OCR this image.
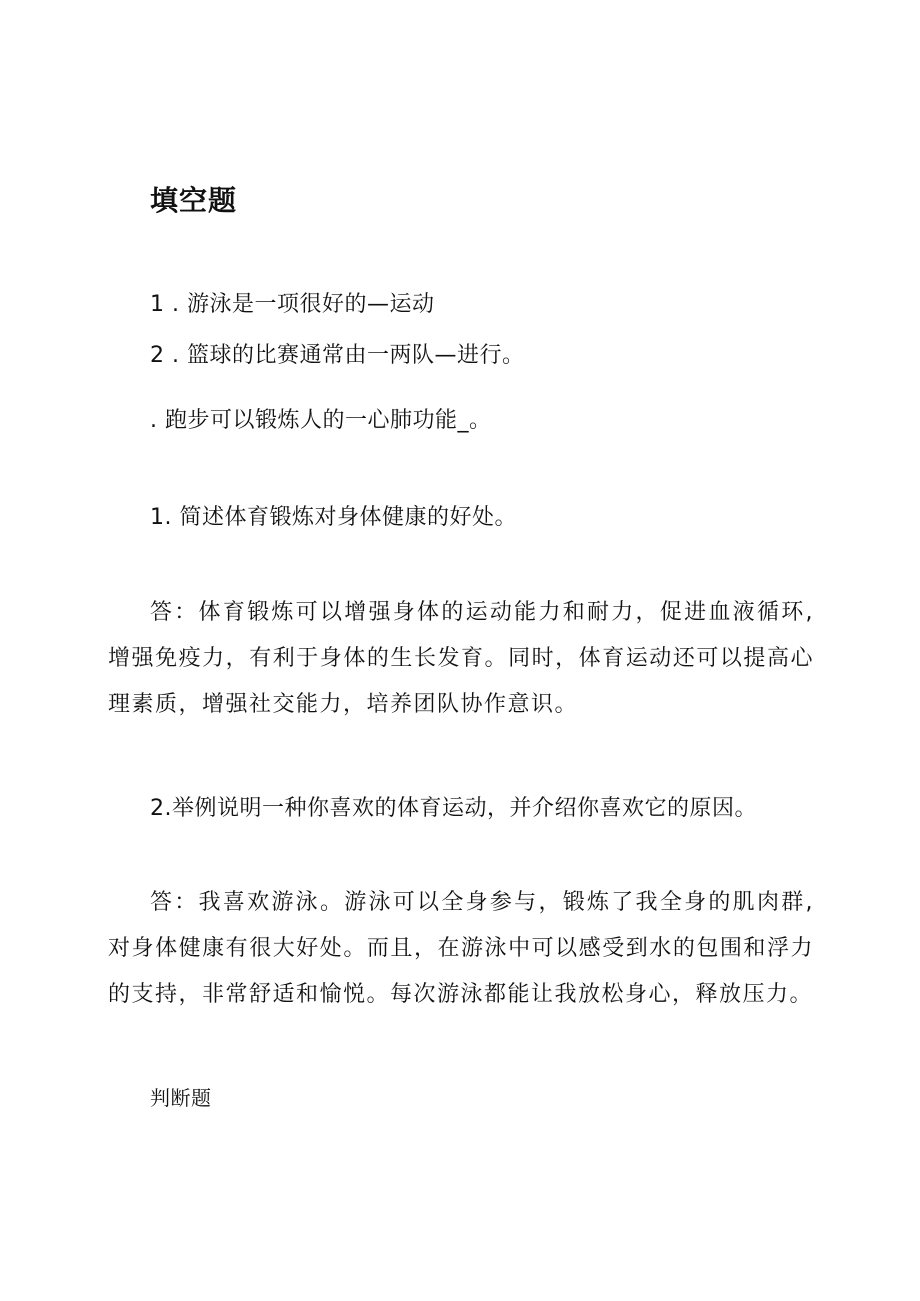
填空题
1 . 游泳是一项很好的—运动
2 . 篮球的比赛通常由一两队—进行。
. 跑步可以锻炼人的一心肺功能_。
1. 简述体育锻炼对身体健康的好处。
答：体育锻炼可以增强身体的运动能力和耐力，促进血液循环, 增强免疫力，有利于身体的生长发育。同时，体育运动还可以提高心理素质，增强社交能力，培养团队协作意识。
2.举例说明一种你喜欢的体育运动，并介绍你喜欢它的原因。
答：我喜欢游泳。游泳可以全身参与，锻炼了我全身的肌肉群, 对身体健康有很大好处。而且，在游泳中可以感受到水的包围和浮力的支持，非常舒适和愉悦。每次游泳都能让我放松身心，释放压力。
判断题
